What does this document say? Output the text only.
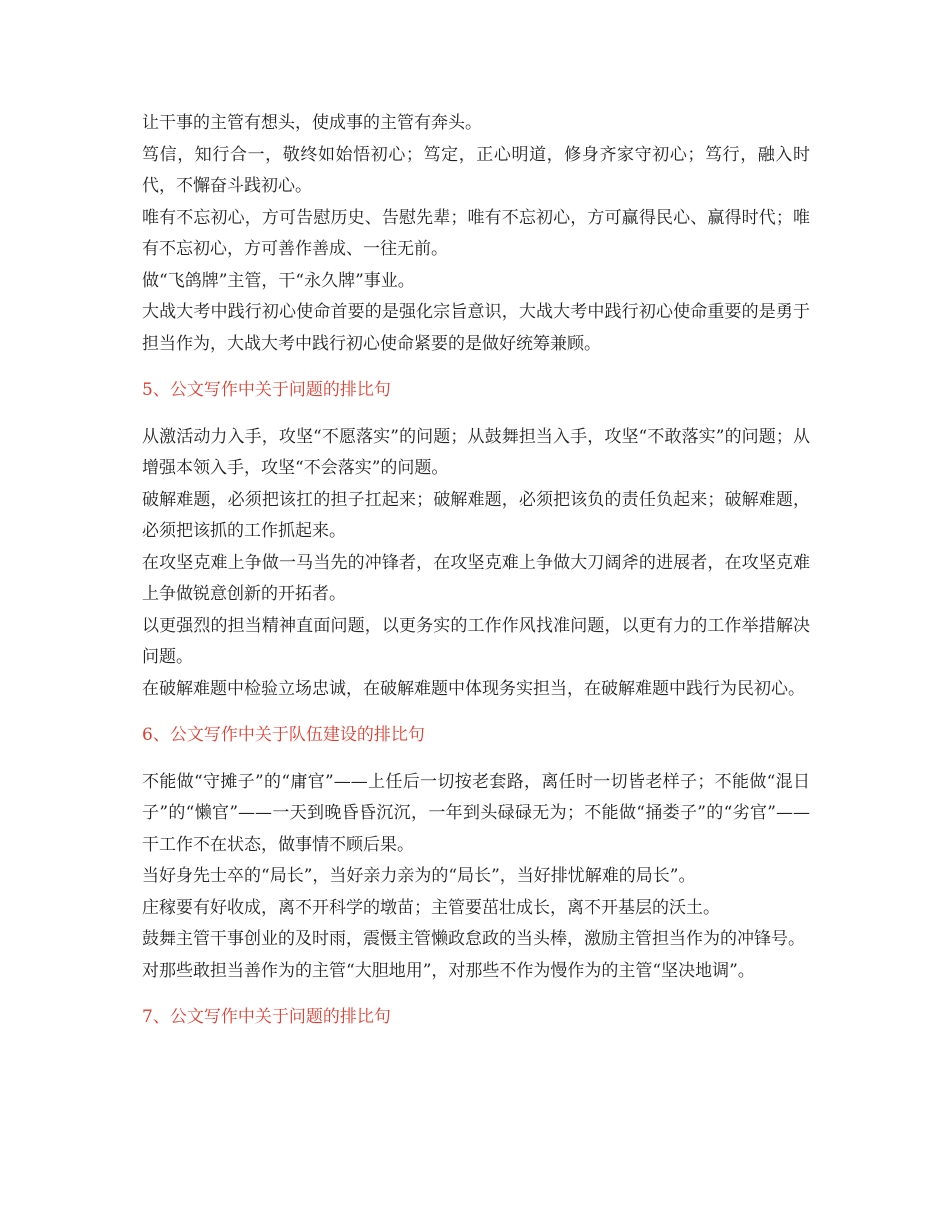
让干事的主管有想头，使成事的主管有奔头。

笃信，知行合一，敬终如始悟初心；笃定，正心明道，修身齐家守初心；笃行，融入时代，不懈奋斗践初心。

唯有不忘初心，方可告慰历史、告慰先辈；唯有不忘初心，方可赢得民心、赢得时代；唯有不忘初心，方可善作善成、一往无前。

做“飞鸽牌”主管，干“永久牌”事业。

大战大考中践行初心使命首要的是强化宗旨意识，大战大考中践行初心使命重要的是勇于担当作为，大战大考中践行初心使命紧要的是做好统筹兼顾。

5、公文写作中关于问题的排比句

从激活动力入手，攻坚“不愿落实”的问题；从鼓舞担当入手，攻坚“不敢落实”的问题；从增强本领入手，攻坚“不会落实”的问题。

破解难题，必须把该扛的担子扛起来；破解难题，必须把该负的责任负起来；破解难题，必须把该抓的工作抓起来。

在攻坚克难上争做一马当先的冲锋者，在攻坚克难上争做大刀阔斧的进展者，在攻坚克难上争做锐意创新的开拓者。

以更强烈的担当精神直面问题，以更务实的工作作风找准问题，以更有力的工作举措解决问题。

在破解难题中检验立场忠诚，在破解难题中体现务实担当，在破解难题中践行为民初心。

6、公文写作中关于队伍建设的排比句

不能做“守摊子”的“庸官”——上任后一切按老套路，离任时一切皆老样子；不能做“混日子”的“懒官”——一天到晚昏昏沉沉，一年到头碌碌无为；不能做“捅娄子”的“劣官”——干工作不在状态，做事情不顾后果。

当好身先士卒的“局长”，当好亲力亲为的“局长”，当好排忧解难的局长”。

庄稼要有好收成，离不开科学的墩苗；主管要茁壮成长，离不开基层的沃土。

鼓舞主管干事创业的及时雨，震慑主管懒政怠政的当头棒，激励主管担当作为的冲锋号。

对那些敢担当善作为的主管“大胆地用”，对那些不作为慢作为的主管“坚决地调”。

7、公文写作中关于问题的排比句
